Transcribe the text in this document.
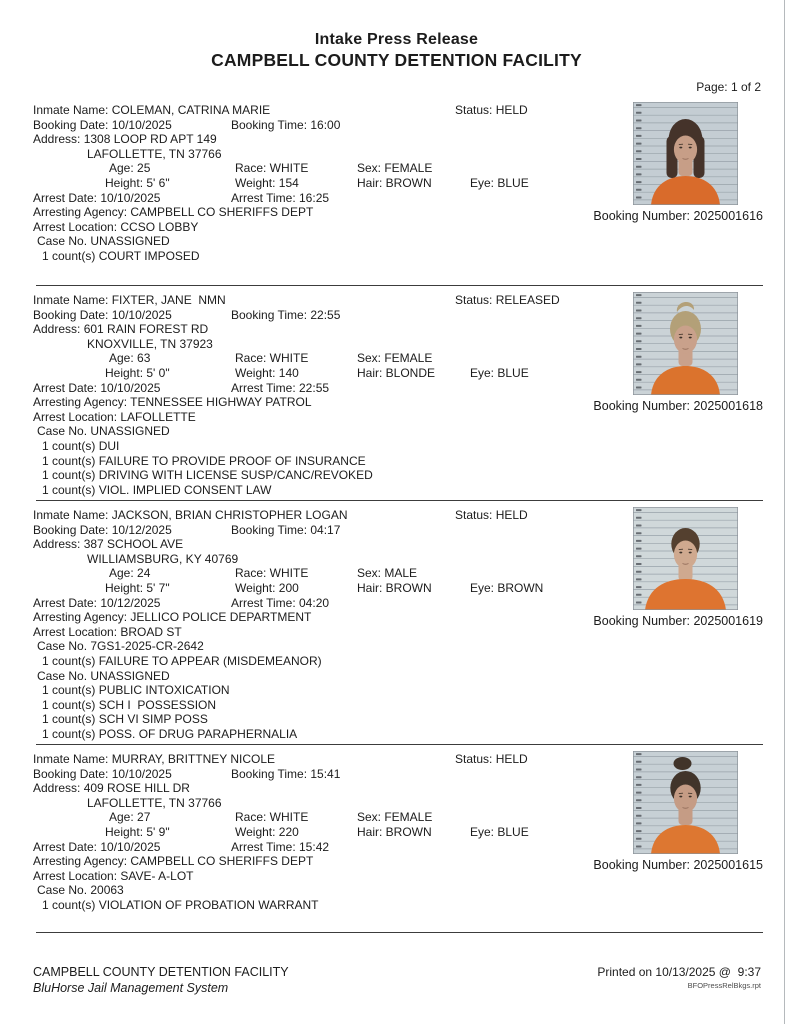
Intake Press Release
CAMPBELL COUNTY DETENTION FACILITY
Page: 1 of 2
Inmate Name: COLEMAN, CATRINA MARIE	Status: HELD
Booking Date: 10/10/2025	Booking Time: 16:00
Address: 1308 LOOP RD APT 149
LAFOLLETTE, TN 37766
Age: 25	Race: WHITE	Sex: FEMALE
Height: 5' 6"	Weight: 154	Hair: BROWN	Eye: BLUE
Arrest Date: 10/10/2025	Arrest Time: 16:25
Arresting Agency: CAMPBELL CO SHERIFFS DEPT
Arrest Location: CCSO LOBBY
Case No. UNASSIGNED
1 count(s) COURT IMPOSED
Booking Number: 2025001616
Inmate Name: FIXTER, JANE  NMN	Status: RELEASED
Booking Date: 10/10/2025	Booking Time: 22:55
Address: 601 RAIN FOREST RD
KNOXVILLE, TN 37923
Age: 63	Race: WHITE	Sex: FEMALE
Height: 5' 0"	Weight: 140	Hair: BLONDE	Eye: BLUE
Arrest Date: 10/10/2025	Arrest Time: 22:55
Arresting Agency: TENNESSEE HIGHWAY PATROL
Arrest Location: LAFOLLETTE
Case No. UNASSIGNED
1 count(s) DUI
1 count(s) FAILURE TO PROVIDE PROOF OF INSURANCE
1 count(s) DRIVING WITH LICENSE SUSP/CANC/REVOKED
1 count(s) VIOL. IMPLIED CONSENT LAW
Booking Number: 2025001618
Inmate Name: JACKSON, BRIAN CHRISTOPHER LOGAN	Status: HELD
Booking Date: 10/12/2025	Booking Time: 04:17
Address: 387 SCHOOL AVE
WILLIAMSBURG, KY 40769
Age: 24	Race: WHITE	Sex: MALE
Height: 5' 7"	Weight: 200	Hair: BROWN	Eye: BROWN
Arrest Date: 10/12/2025	Arrest Time: 04:20
Arresting Agency: JELLICO POLICE DEPARTMENT
Arrest Location: BROAD ST
Case No. 7GS1-2025-CR-2642
1 count(s) FAILURE TO APPEAR (MISDEMEANOR)
Case No. UNASSIGNED
1 count(s) PUBLIC INTOXICATION
1 count(s) SCH I  POSSESSION
1 count(s) SCH VI SIMP POSS
1 count(s) POSS. OF DRUG PARAPHERNALIA
Booking Number: 2025001619
Inmate Name: MURRAY, BRITTNEY NICOLE	Status: HELD
Booking Date: 10/10/2025	Booking Time: 15:41
Address: 409 ROSE HILL DR
LAFOLLETTE, TN 37766
Age: 27	Race: WHITE	Sex: FEMALE
Height: 5' 9"	Weight: 220	Hair: BROWN	Eye: BLUE
Arrest Date: 10/10/2025	Arrest Time: 15:42
Arresting Agency: CAMPBELL CO SHERIFFS DEPT
Arrest Location: SAVE- A-LOT
Case No. 20063
1 count(s) VIOLATION OF PROBATION WARRANT
Booking Number: 2025001615
CAMPBELL COUNTY DETENTION FACILITY
BluHorse Jail Management System
Printed on 10/13/2025 @  9:37
BFOPressRelBkgs.rpt
